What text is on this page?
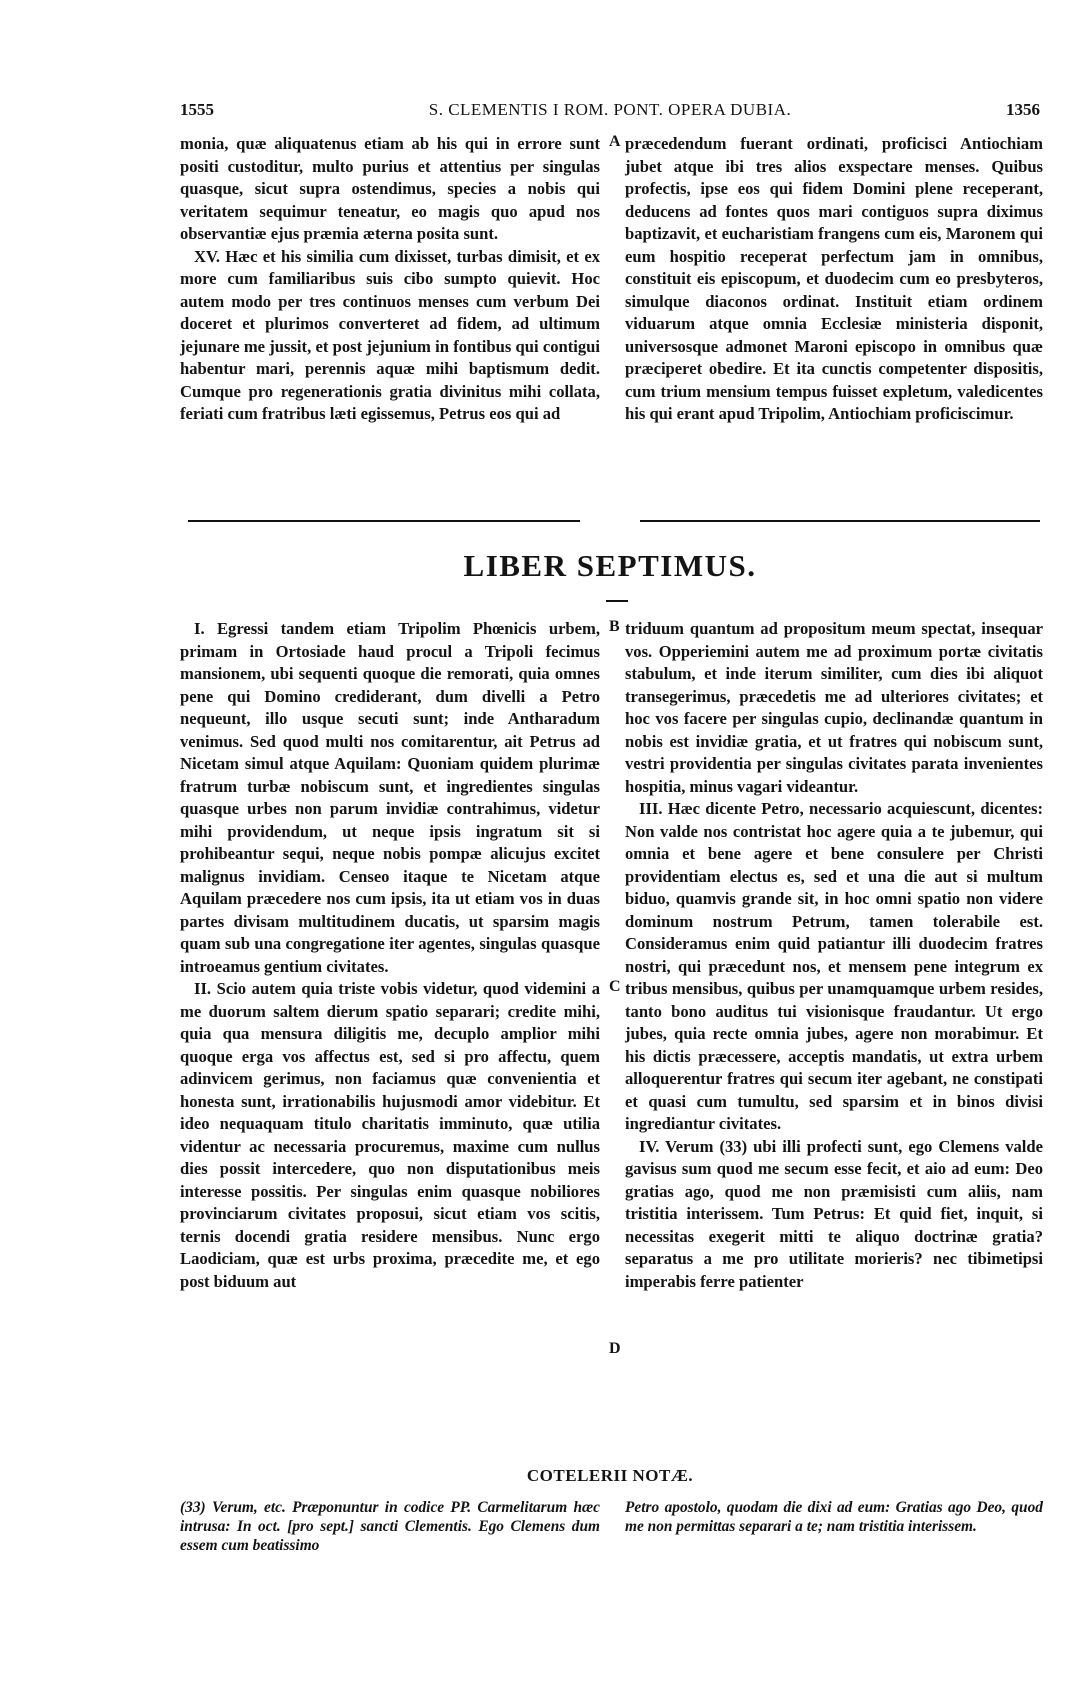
1555	S. CLEMENTIS I ROM. PONT. OPERA DUBIA.	1356

monia, quæ aliquatenus etiam ab his qui in errore sunt positi custoditur, multo purius et attentius per singulas quasque, sicut supra ostendimus, species a nobis qui veritatem sequimur teneatur, eo magis quo apud nos observantiæ ejus præmia æterna posita sunt.

XV. Hæc et his similia cum dixisset, turbas dimisit, et ex more cum familiaribus suis cibo sumpto quievit. Hoc autem modo per tres continuos menses cum verbum Dei doceret et plurimos converteret ad fidem, ad ultimum jejunare me jussit, et post jejunium in fontibus qui contigui habentur mari, perennis aquæ mihi baptismum dedit. Cumque pro regenerationis gratia divinitus mihi collata, feriati cum fratribus læti egissemus, Petrus eos qui ad

A præcedendum fuerant ordinati, proficisci Antiochiam jubet atque ibi tres alios exspectare menses. Quibus profectis, ipse eos qui fidem Domini plene receperant, deducens ad fontes quos mari contiguos supra diximus baptizavit, et eucharistiam frangens cum eis, Maronem qui eum hospitio receperat perfectum jam in omnibus, constituit eis episcopum, et duodecim cum eo presbyteros, simulque diaconos ordinat. Instituit etiam ordinem viduarum atque omnia Ecclesiæ ministeria disponit, universosque admonet Maroni episcopo in omnibus quæ præciperet obedire. Et ita cunctis competenter dispositis, cum trium mensium tempus fuisset expletum, valedicentes his qui erant apud Tripolim, Antiochiam proficiscimur.

LIBER SEPTIMUS.

I. Egressi tandem etiam Tripolim Phœnicis urbem, primam in Ortosiade haud procul a Tripoli fecimus mansionem, ubi sequenti quoque die remorati, quia omnes pene qui Domino crediderant, dum divelli a Petro nequeunt, illo usque secuti sunt; inde Antharadum venimus. Sed quod multi nos comitarentur, ait Petrus ad Nicetam simul atque Aquilam: Quoniam quidem plurimæ fratrum turbæ nobiscum sunt, et ingredientes singulas quasque urbes non parum invidiæ contrahimus, videtur mihi providendum, ut neque ipsis ingratum sit si prohibeantur sequi, neque nobis pompæ alicujus excitet malignus invidiam. Censeo itaque te Nicetam atque Aquilam præcedere nos cum ipsis, ita ut etiam vos in duas partes divisam multitudinem ducatis, ut sparsim magis quam sub una congregatione iter agentes, singulas quasque introeamus gentium civitates.

II. Scio autem quia triste vobis videtur, quod videmini a me duorum saltem dierum spatio separari; credite mihi, quia qua mensura diligitis me, decuplo amplior mihi quoque erga vos affectus est, sed si pro affectu, quem adinvicem gerimus, non faciamus quæ convenientia et honesta sunt, irrationabilis hujusmodi amor videbitur. Et ideo nequaquam titulo charitatis imminuto, quæ utilia videntur ac necessaria procuremus, maxime cum nullus dies possit intercedere, quo non disputationibus meis interesse possitis. Per singulas enim quasque nobiliores provinciarum civitates proposui, sicut etiam vos scitis, ternis docendi gratia residere mensibus. Nunc ergo Laodiciam, quæ est urbs proxima, præcedite me, et ego post biduum aut

B
C
D

triduum quantum ad propositum meum spectat, insequar vos. Opperiemini autem me ad proximum portæ civitatis stabulum, et inde iterum similiter, cum dies ibi aliquot transegerimus, præcedetis me ad ulteriores civitates; et hoc vos facere per singulas cupio, declinandæ quantum in nobis est invidiæ gratia, et ut fratres qui nobiscum sunt, vestri providentia per singulas civitates parata invenientes hospitia, minus vagari videantur.

III. Hæc dicente Petro, necessario acquiescunt, dicentes: Non valde nos contristat hoc agere quia a te jubemur, qui omnia et bene agere et bene consulere per Christi providentiam electus es, sed et una die aut si multum biduo, quamvis grande sit, in hoc omni spatio non videre dominum nostrum Petrum, tamen tolerabile est. Consideramus enim quid patiantur illi duodecim fratres nostri, qui præcedunt nos, et mensem pene integrum ex tribus mensibus, quibus per unamquamque urbem resides, tanto bono auditus tui visionisque fraudantur. Ut ergo jubes, quia recte omnia jubes, agere non morabimur. Et his dictis præcessere, acceptis mandatis, ut extra urbem alloquerentur fratres qui secum iter agebant, ne constipati et quasi cum tumultu, sed sparsim et in binos divisi ingrediantur civitates.

IV. Verum (33) ubi illi profecti sunt, ego Clemens valde gavisus sum quod me secum esse fecit, et aio ad eum: Deo gratias ago, quod me non præmisisti cum aliis, nam tristitia interissem. Tum Petrus: Et quid fiet, inquit, si necessitas exegerit mitti te aliquo doctrinæ gratia? separatus a me pro utilitate morieris? nec tibimetipsi imperabis ferre patienter

COTELERII NOTÆ.
(33) Verum, etc. Præponuntur in codice PP. Carmelitarum hæc intrusa: In oct. [pro sept.] sancti Clementis. Ego Clemens dum essem cum beatissimo
Petro apostolo, quodam die dixi ad eum: Gratias ago Deo, quod me non permittas separari a te; nam tristitia interissem.
